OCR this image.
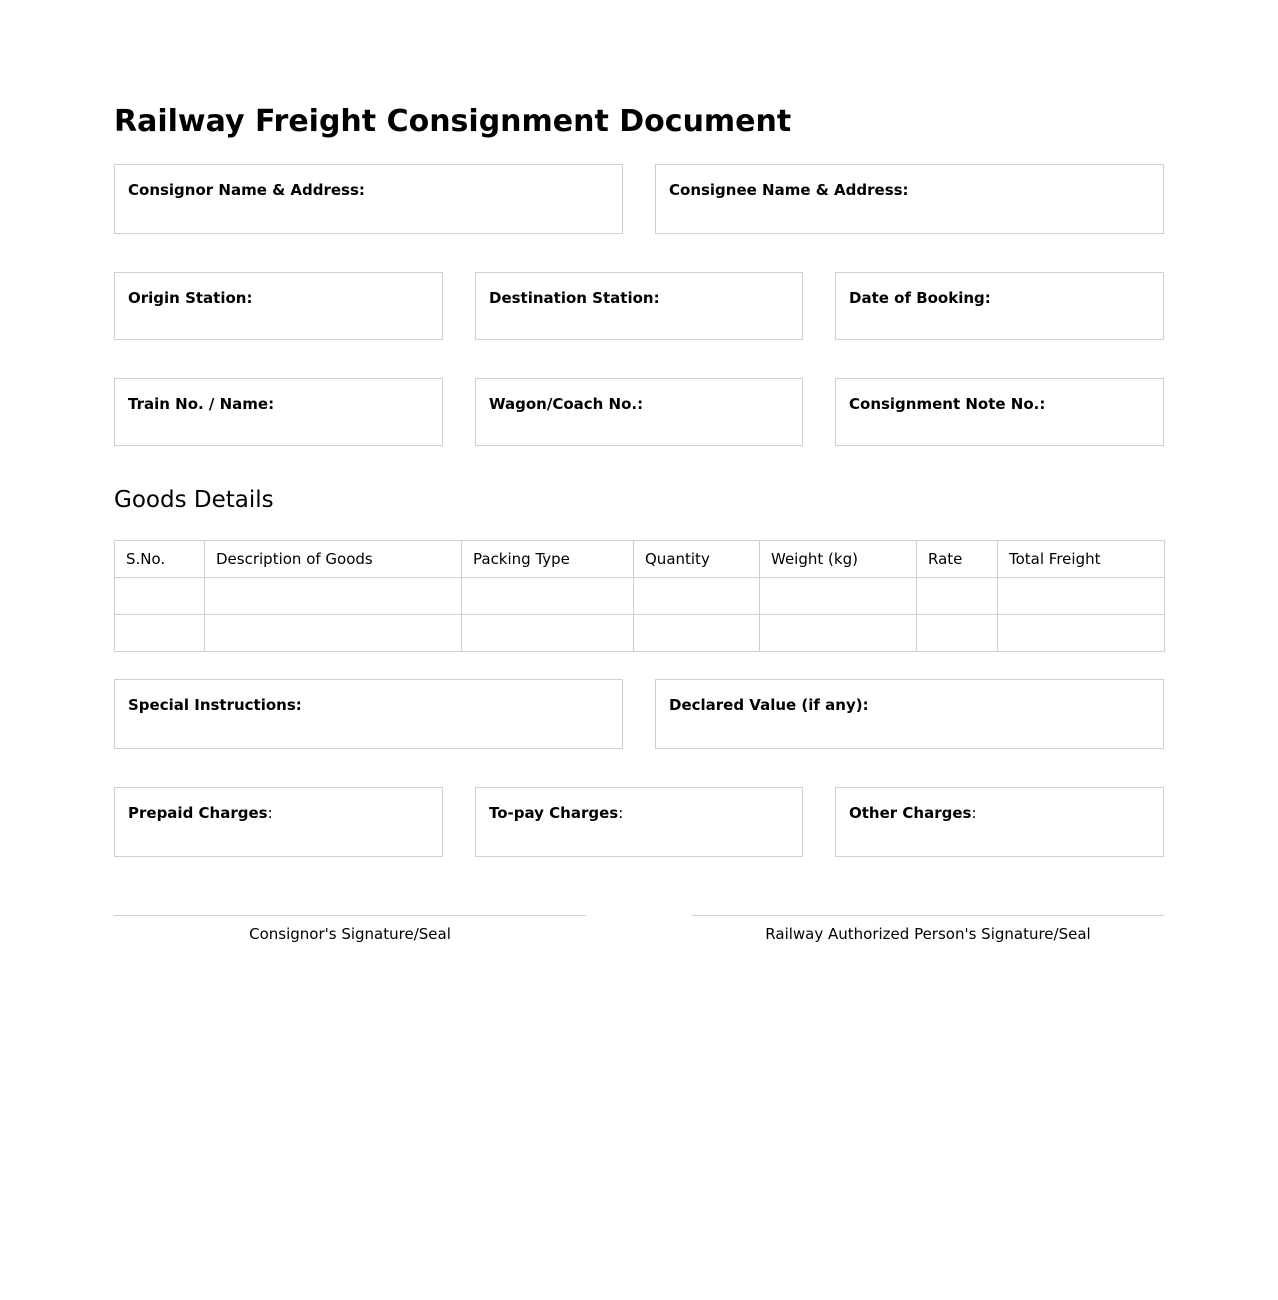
Railway Freight Consignment Document
Consignor Name & Address:	Consignee Name & Address:
Origin Station:	Destination Station:	Date of Booking:
Train No. / Name:	Wagon/Coach No.:	Consignment Note No.:
Goods Details
S.No.	Description of Goods	Packing Type	Quantity	Weight (kg)	Rate	Total Freight

Special Instructions:	Declared Value (if any):
Prepaid Charges:	To-pay Charges:	Other Charges:
Consignor's Signature/Seal	Railway Authorized Person's Signature/Seal
